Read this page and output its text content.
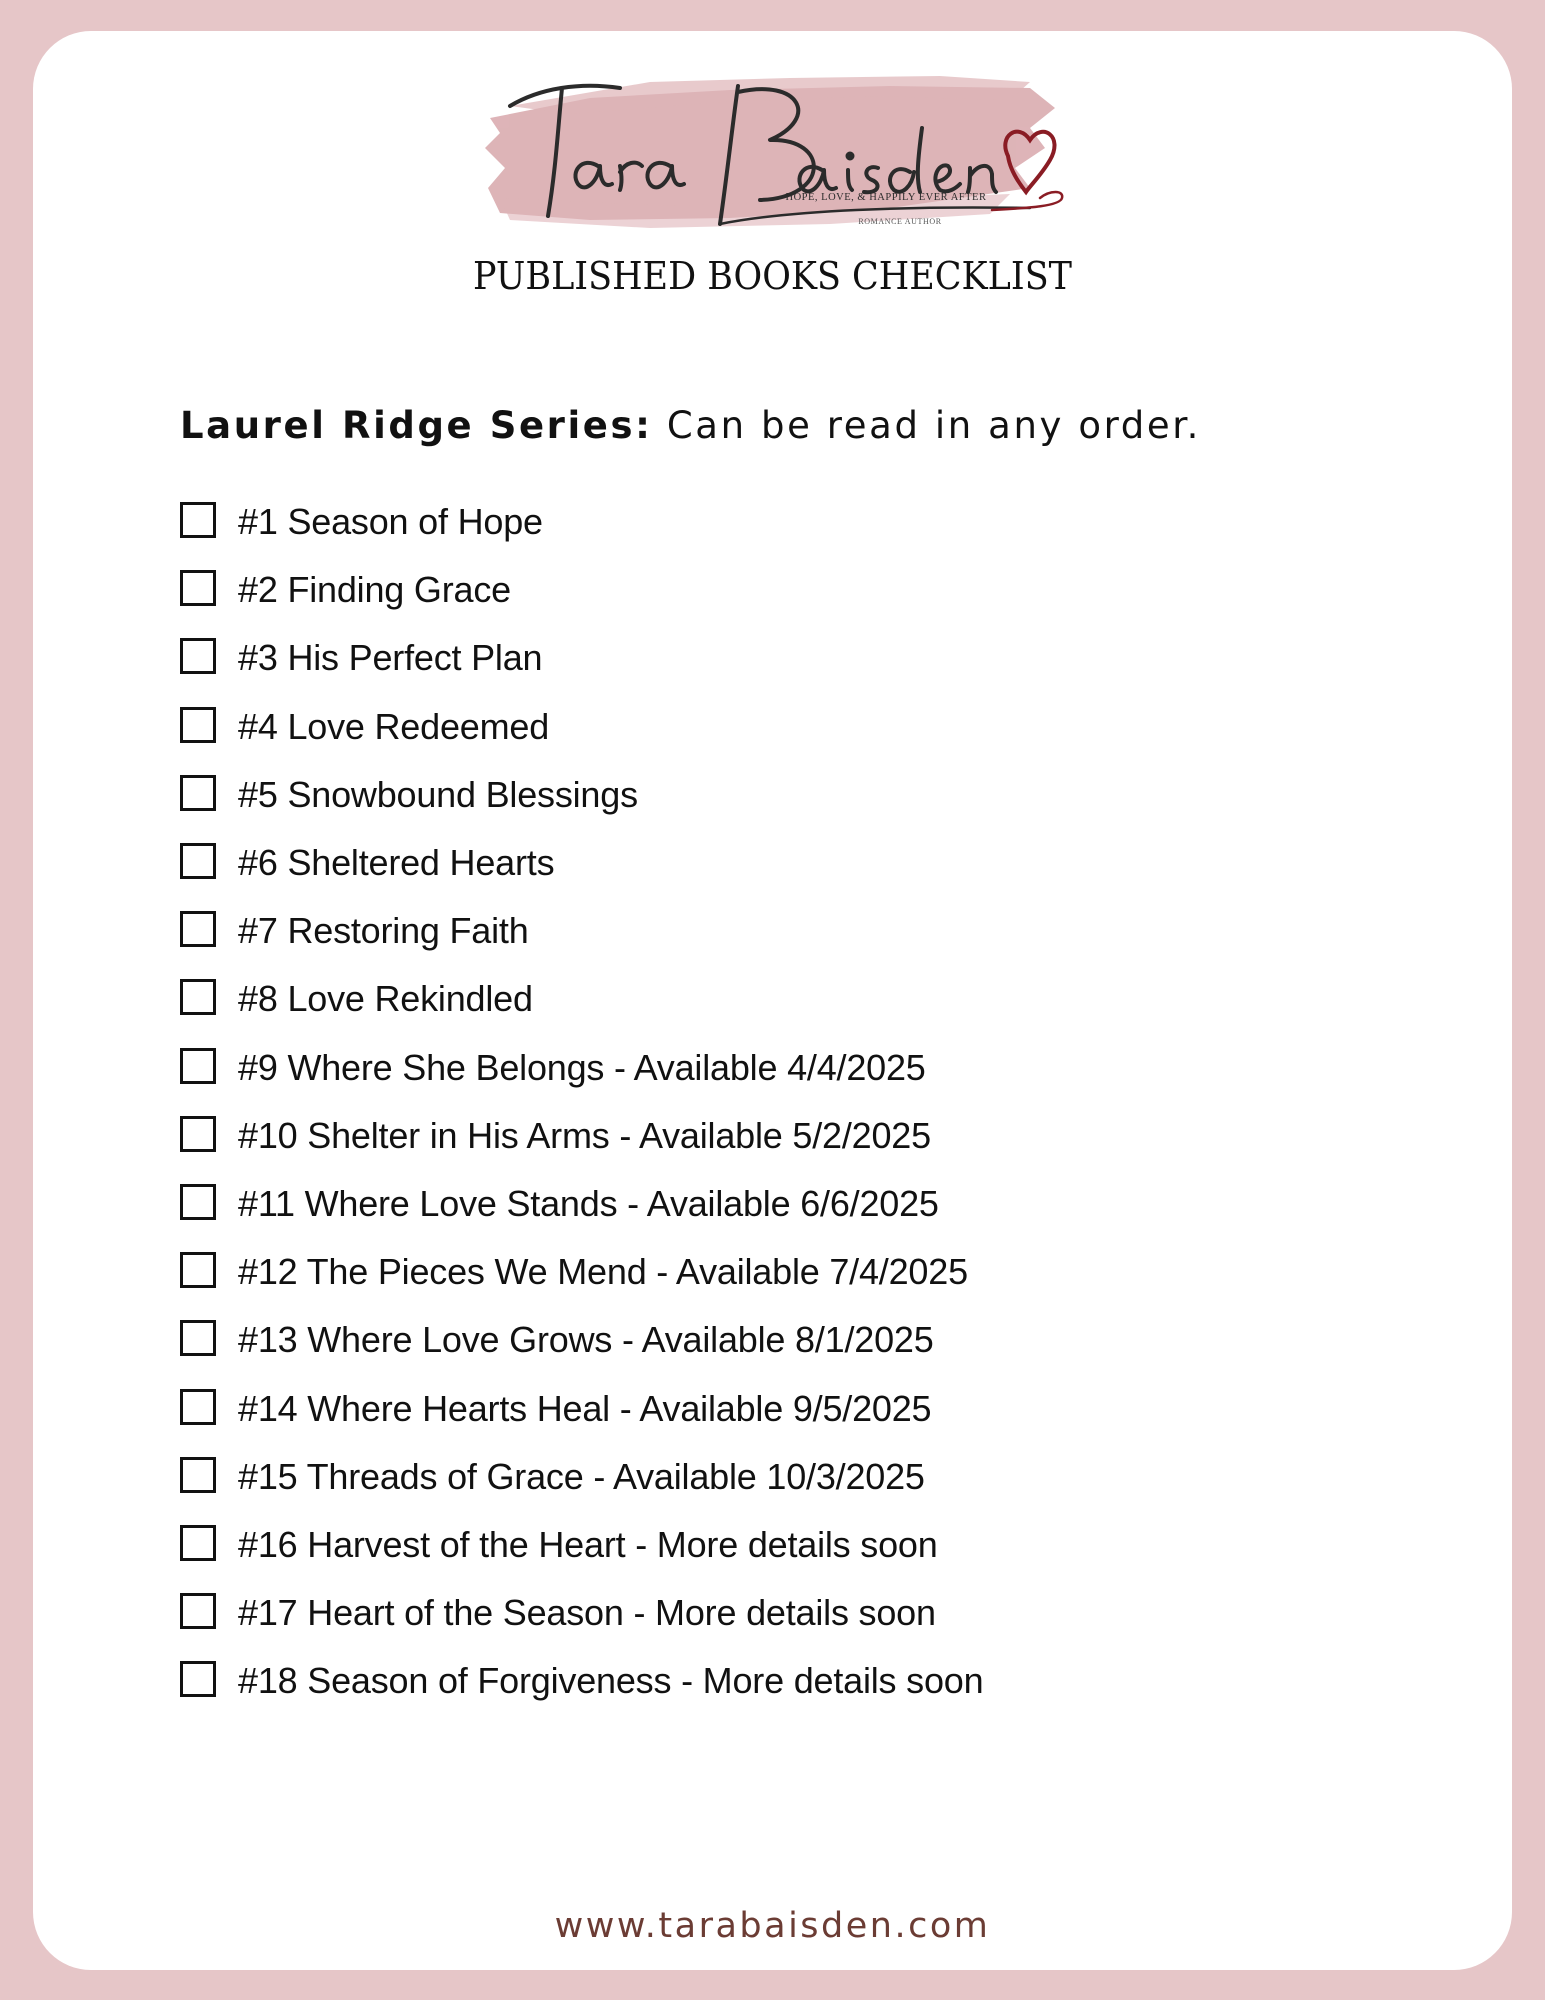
HOPE, LOVE, & HAPPILY EVER AFTER
ROMANCE AUTHOR
PUBLISHED BOOKS CHECKLIST
Laurel Ridge Series: Can be read in any order.
#1 Season of Hope
#2 Finding Grace
#3 His Perfect Plan
#4 Love Redeemed
#5 Snowbound Blessings
#6 Sheltered Hearts
#7 Restoring Faith
#8 Love Rekindled
#9 Where She Belongs - Available 4/4/2025
#10 Shelter in His Arms - Available 5/2/2025
#11 Where Love Stands - Available 6/6/2025
#12 The Pieces We Mend - Available 7/4/2025
#13 Where Love Grows - Available 8/1/2025
#14 Where Hearts Heal - Available 9/5/2025
#15 Threads of Grace - Available 10/3/2025
#16 Harvest of the Heart - More details soon
#17 Heart of the Season - More details soon
#18 Season of Forgiveness - More details soon
www.tarabaisden.com
